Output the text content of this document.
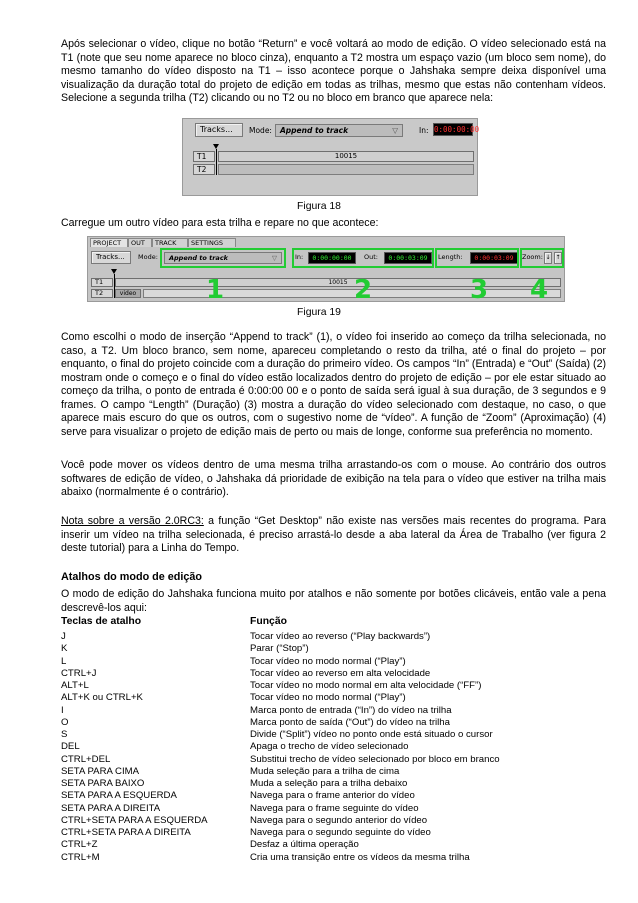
Após selecionar o vídeo, clique no botão “Return” e você voltará ao modo de edição. O vídeo selecionado está na T1 (note que seu nome aparece no bloco cinza), enquanto a T2 mostra um espaço vazio (um bloco sem nome), do mesmo tamanho do vídeo disposto na T1 – isso acontece porque o Jahshaka sempre deixa disponível uma visualização da duração total do projeto de edição em todas as trilhas, mesmo que estas não contenham vídeos. Selecione a segunda trilha (T2) clicando ou no T2 ou no bloco em branco que aparece nela:

Tracks...	Mode:	Append to track	▽	In: 0:00:00:00
T1	10015
T2
Figura 18

Carregue um outro vídeo para esta trilha e repare no que acontece:

PROJECT	OUT	TRACK	SETTINGS
Tracks...	Mode:	Append to track	▽	In:	0:00:00:00	Out:	0:00:03:09	Length:	0:00:03:09	Zoom: ↓ ↑
T1	10015
T2	video	1	2	3 4
Figura 19

Como escolhi o modo de inserção “Append to track” (1), o vídeo foi inserido ao começo da trilha selecionada, no caso, a T2. Um bloco branco, sem nome, apareceu completando o resto da trilha, até o final do projeto – por enquanto, o final do projeto coincide com a duração do primeiro vídeo. Os campos “In” (Entrada) e “Out” (Saída) (2) mostram onde o começo e o final do vídeo estão localizados dentro do projeto de edição – por ele estar situado ao começo da trilha, o ponto de entrada é 0:00:00 00 e o ponto de saída será igual à sua duração, de 3 segundos e 9 frames. O campo “Length” (Duração) (3) mostra a duração do vídeo selecionado com destaque, no caso, o que aparece mais escuro do que os outros, com o sugestivo nome de “vídeo”. A função de “Zoom” (Aproximação) (4) serve para visualizar o projeto de edição mais de perto ou mais de longe, conforme sua preferência no momento.

Você pode mover os vídeos dentro de uma mesma trilha arrastando-os com o mouse. Ao contrário dos outros softwares de edição de vídeo, o Jahshaka dá prioridade de exibição na tela para o vídeo que estiver na trilha mais abaixo (normalmente é o contrário).

Nota sobre a versão 2.0RC3: a função “Get Desktop” não existe nas versões mais recentes do programa. Para inserir um vídeo na trilha selecionada, é preciso arrastá-lo desde a aba lateral da Área de Trabalho (ver figura 2 deste tutorial) para a Linha do Tempo.

Atalhos do modo de edição

O modo de edição do Jahshaka funciona muito por atalhos e não somente por botões clicáveis, então vale a pena descrevê-los aqui:

Teclas de atalho	Função
J	Tocar vídeo ao reverso (“Play backwards”)
K	Parar (“Stop”)
L	Tocar vídeo no modo normal (“Play”)
CTRL+J	Tocar vídeo ao reverso em alta velocidade
ALT+L	Tocar vídeo no modo normal em alta velocidade (“FF”)
ALT+K ou CTRL+K	Tocar vídeo no modo normal (“Play”)
I	Marca ponto de entrada (“In”) do vídeo na trilha
O	Marca ponto de saída (“Out”) do vídeo na trilha
S	Divide (“Split”) vídeo no ponto onde está situado o cursor
DEL	Apaga o trecho de vídeo selecionado
CTRL+DEL	Substitui trecho de vídeo selecionado por bloco em branco
SETA PARA CIMA	Muda seleção para a trilha de cima
SETA PARA BAIXO	Muda a seleção para a trilha debaixo
SETA PARA A ESQUERDA	Navega para o frame anterior do vídeo
SETA PARA A DIREITA	Navega para o frame seguinte do vídeo
CTRL+SETA PARA A ESQUERDA	Navega para o segundo anterior do vídeo
CTRL+SETA PARA A DIREITA	Navega para o segundo seguinte do vídeo
CTRL+Z	Desfaz a última operação
CTRL+M	Cria uma transição entre os vídeos da mesma trilha
